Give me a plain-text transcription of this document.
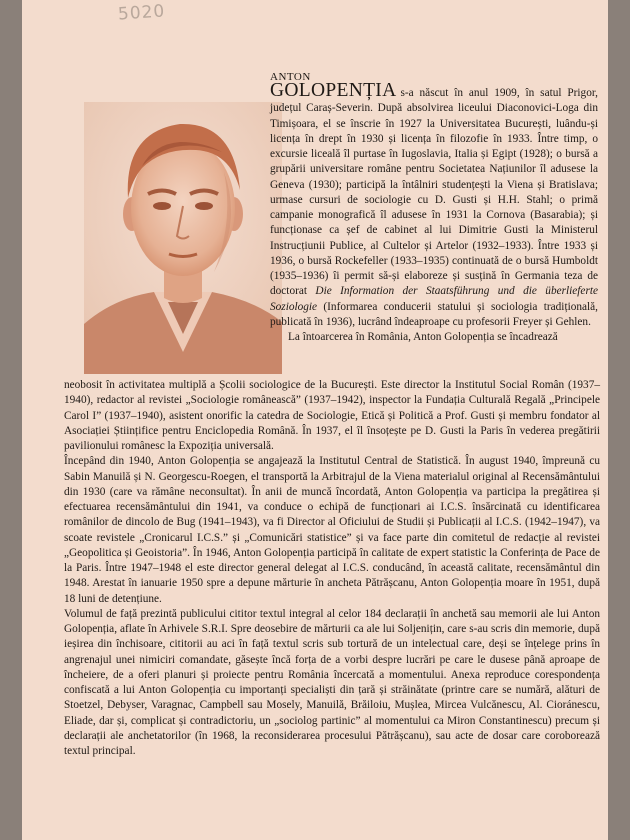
5020
ANTON

GOLOPENȚIA s-a născut în anul 1909, în satul Prigor, județul Caraș-Severin. După absolvirea liceului Diaconovici-Loga din Timișoara, el se înscrie în 1927 la Universitatea București, luându-și licența în drept în 1930 și licența în filozofie în 1933. Între timp, o excursie liceală îl purtase în Iugoslavia, Italia și Egipt (1928); o bursă a grupării universitare române pentru Societatea Națiunilor îl adusese la Geneva (1930); participă la întâlniri studențești la Viena și Bratislava; urmase cursuri de sociologie cu D. Gusti și H.H. Stahl; o primă campanie monografică îl adusese în 1931 la Cornova (Basarabia); și funcționase ca șef de cabinet al lui Dimitrie Gusti la Ministerul Instrucțiunii Publice, al Cultelor și Artelor (1932–1933). Între 1933 și 1936, o bursă Rockefeller (1933–1935) continuată de o bursă Humboldt (1935–1936) îi permit să-și elaboreze și susțină în Germania teza de doctorat Die Information der Staatsführung und die überlieferte Soziologie (Informarea conducerii statului și sociologia tradițională, publicată în 1936), lucrând îndeaproape cu profesorii Freyer și Gehlen.

La întoarcerea în România, Anton Golopenția se încadrează

neobosit în activitatea multiplă a Școlii sociologice de la București. Este director la Institutul Social Român (1937–1940), redactor al revistei „Sociologie românească” (1937–1942), inspector la Fundația Culturală Regală „Principele Carol I” (1937–1940), asistent onorific la catedra de Sociologie, Etică și Politică a Prof. Gusti și membru fondator al Asociației Științifice pentru Enciclopedia Română. În 1937, el îl însoțește pe D. Gusti la Paris în vederea pregătirii pavilionului românesc la Expoziția universală.

Începând din 1940, Anton Golopenția se angajează la Institutul Central de Statistică. În august 1940, împreună cu Sabin Manuilă și N. Georgescu-Roegen, el transportă la Arbitrajul de la Viena materialul original al Recensământului din 1930 (care va rămâne neconsultat). În anii de muncă încordată, Anton Golopenția va participa la pregătirea și efectuarea recensământului din 1941, va conduce o echipă de funcționari ai I.C.S. însărcinată cu identificarea românilor de dincolo de Bug (1941–1943), va fi Director al Oficiului de Studii și Publicații al I.C.S. (1942–1947), va scoate revistele „Cronicarul I.C.S.” și „Comunicări statistice” și va face parte din comitetul de redacție al revistei „Geopolitica și Geoistoria”. În 1946, Anton Golopenția participă în calitate de expert statistic la Conferința de Pace de la Paris. Între 1947–1948 el este director general delegat al I.C.S. conducând, în această calitate, recensământul din 1948. Arestat în ianuarie 1950 spre a depune mărturie în ancheta Pătrășcanu, Anton Golopenția moare în 1951, după 18 luni de detențiune.

Volumul de față prezintă publicului cititor textul integral al celor 184 declarații în anchetă sau memorii ale lui Anton Golopenția, aflate în Arhivele S.R.I. Spre deosebire de mărturii ca ale lui Soljenițin, care s-au scris din memorie, după ieșirea din închisoare, cititorii au aci în față textul scris sub tortură de un intelectual care, deși se înțelege prins în angrenajul unei nimiciri comandate, găsește încă forța de a vorbi despre lucrări pe care le dusese până aproape de încheiere, de a oferi planuri și proiecte pentru România încercată a momentului. Anexa reproduce corespondența confiscată a lui Anton Golopenția cu importanți specialiști din țară și străinătate (printre care se numără, alături de Stoetzel, Debyser, Varagnac, Campbell sau Mosely, Manuilă, Brăiloiu, Mușlea, Mircea Vulcănescu, Al. Cioránescu, Eliade, dar și, complicat și contradictoriu, un „sociolog partinic” al momentului ca Miron Constantinescu) precum și declarații ale anchetatorilor (în 1968, la reconsiderarea procesului Pătrășcanu), sau acte de dosar care coroborează textul principal.
